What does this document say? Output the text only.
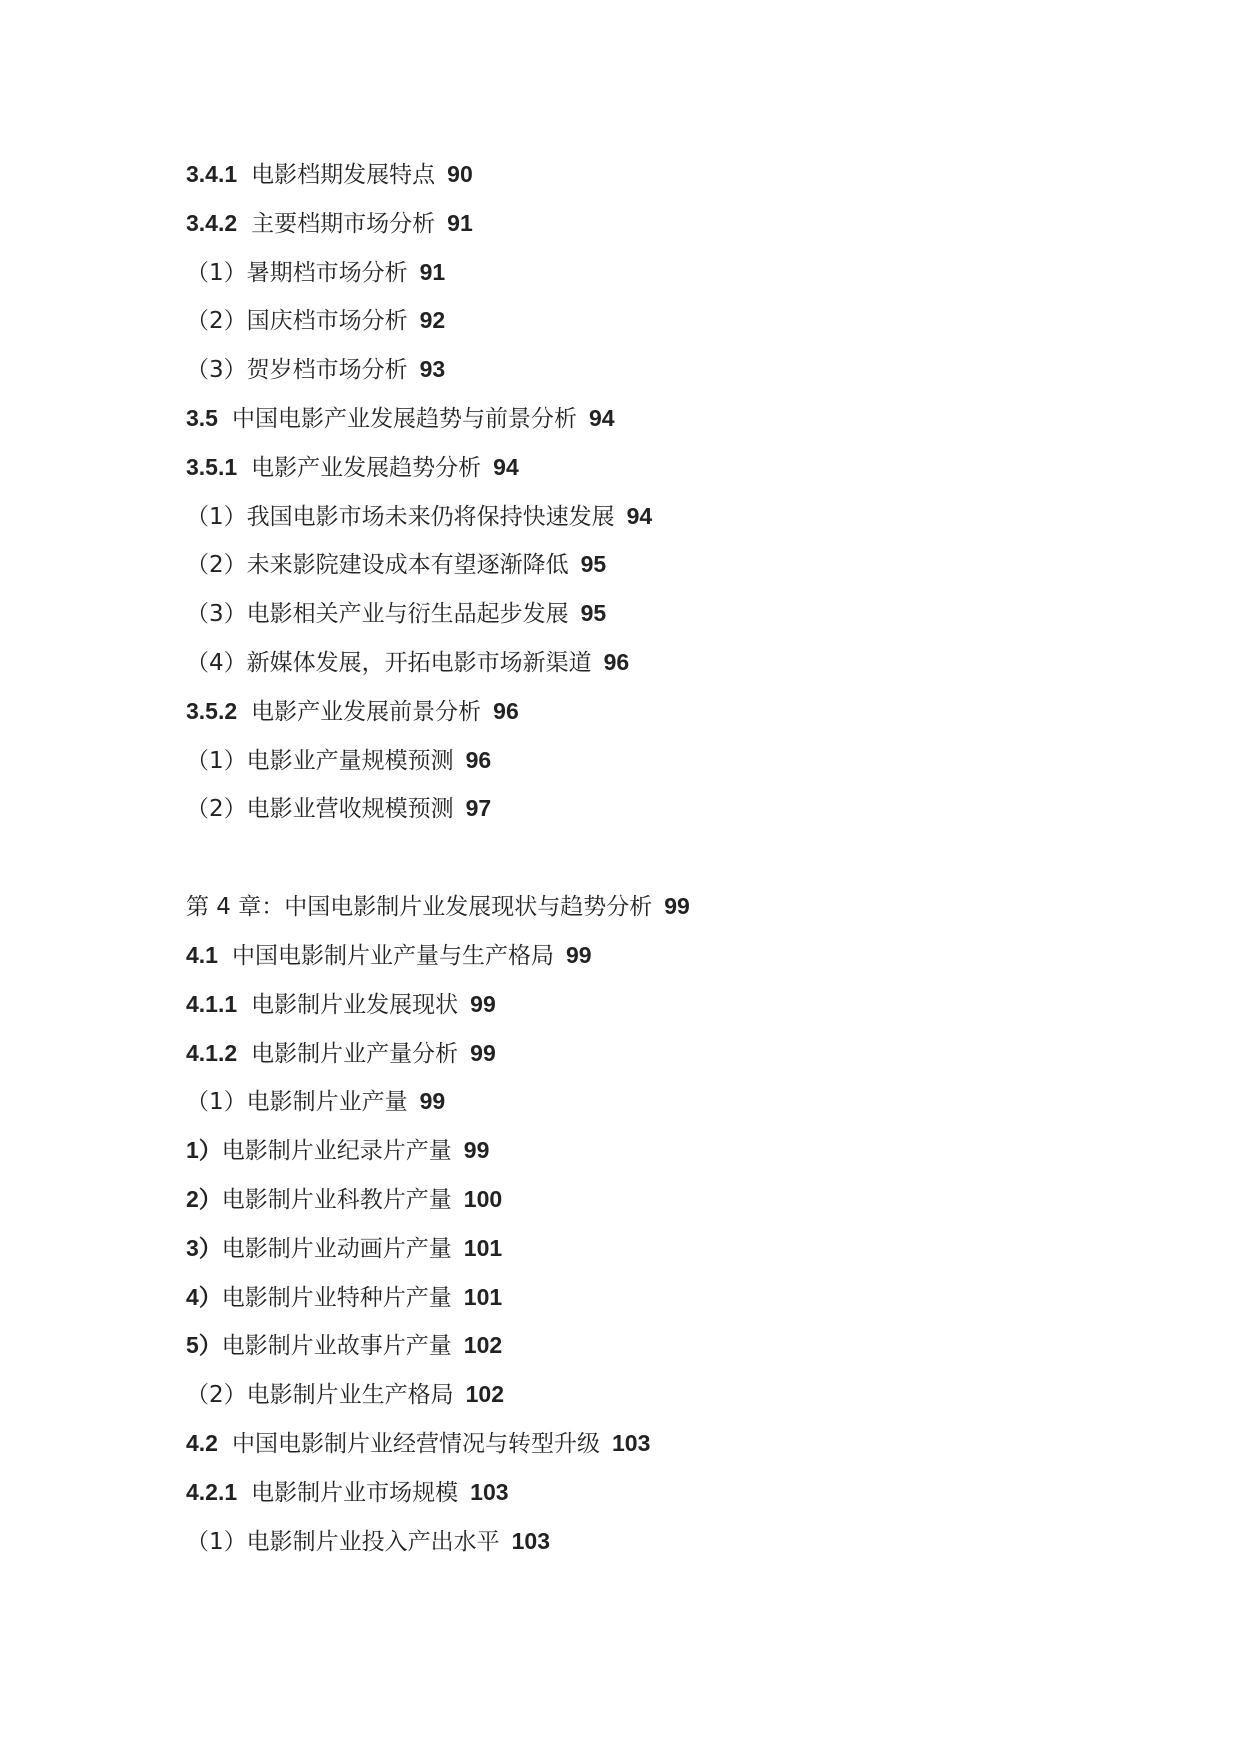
3.4.1 电影档期发展特点 90
3.4.2 主要档期市场分析 91
（1）暑期档市场分析 91
（2）国庆档市场分析 92
（3）贺岁档市场分析 93
3.5 中国电影产业发展趋势与前景分析 94
3.5.1 电影产业发展趋势分析 94
（1）我国电影市场未来仍将保持快速发展 94
（2）未来影院建设成本有望逐渐降低 95
（3）电影相关产业与衍生品起步发展 95
（4）新媒体发展，开拓电影市场新渠道 96
3.5.2 电影产业发展前景分析 96
（1）电影业产量规模预测 96
（2）电影业营收规模预测 97
第 4 章：中国电影制片业发展现状与趋势分析 99
4.1 中国电影制片业产量与生产格局 99
4.1.1 电影制片业发展现状 99
4.1.2 电影制片业产量分析 99
（1）电影制片业产量 99
1）电影制片业纪录片产量 99
2）电影制片业科教片产量 100
3）电影制片业动画片产量 101
4）电影制片业特种片产量 101
5）电影制片业故事片产量 102
（2）电影制片业生产格局 102
4.2 中国电影制片业经营情况与转型升级 103
4.2.1 电影制片业市场规模 103
（1）电影制片业投入产出水平 103
